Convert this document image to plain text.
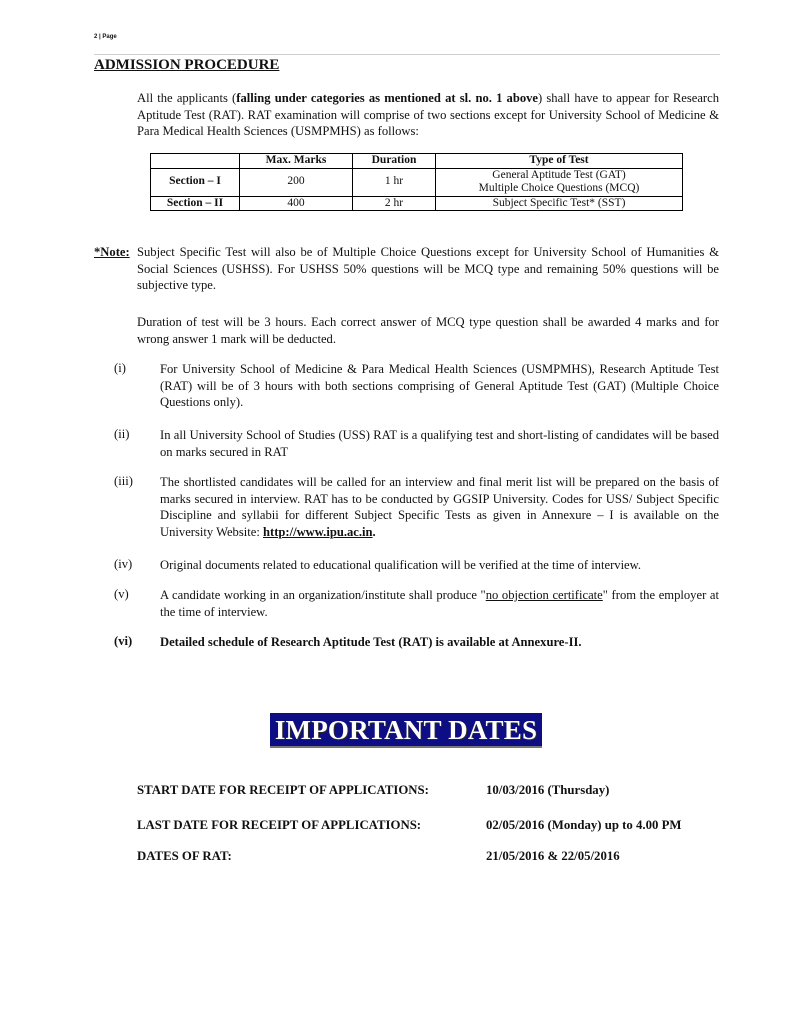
2 | Page
ADMISSION PROCEDURE
All the applicants (falling under categories as mentioned at sl. no. 1 above) shall have to appear for Research Aptitude Test (RAT). RAT examination will comprise of two sections except for University School of Medicine & Para Medical Health Sciences (USMPMHS) as follows:
	Max. Marks	Duration	Type of Test
Section – I	200	1 hr	General Aptitude Test (GAT)
Multiple Choice Questions (MCQ)

Section – II	400	2 hr	Subject Specific Test* (SST)
*Note: Subject Specific Test will also be of Multiple Choice Questions except for University School of Humanities & Social Sciences (USHSS). For USHSS 50% questions will be MCQ type and remaining 50% questions will be subjective type.
Duration of test will be 3 hours. Each correct answer of MCQ type question shall be awarded 4 marks and for wrong answer 1 mark will be deducted.
(i)	For University School of Medicine & Para Medical Health Sciences (USMPMHS), Research Aptitude Test (RAT) will be of 3 hours with both sections comprising of General Aptitude Test (GAT) (Multiple Choice Questions only).
(ii) In all University School of Studies (USS) RAT is a qualifying test and short-listing of candidates will be based on marks secured in RAT
(iii) The shortlisted candidates will be called for an interview and final merit list will be prepared on the basis of marks secured in interview. RAT has to be conducted by GGSIP University. Codes for USS/ Subject Specific Discipline and syllabii for different Subject Specific Tests as given in Annexure – I is available on the University Website: http://www.ipu.ac.in.
(iv) Original documents related to educational qualification will be verified at the time of interview.
(v) A candidate working in an organization/institute shall produce "no objection certificate" from the employer at the time of interview.
(vi) Detailed schedule of Research Aptitude Test (RAT) is available at Annexure-II.
IMPORTANT DATES
START DATE FOR RECEIPT OF APPLICATIONS:	10/03/2016 (Thursday)
LAST DATE FOR RECEIPT OF APPLICATIONS:	02/05/2016 (Monday) up to 4.00 PM
DATES OF RAT:	21/05/2016 & 22/05/2016
